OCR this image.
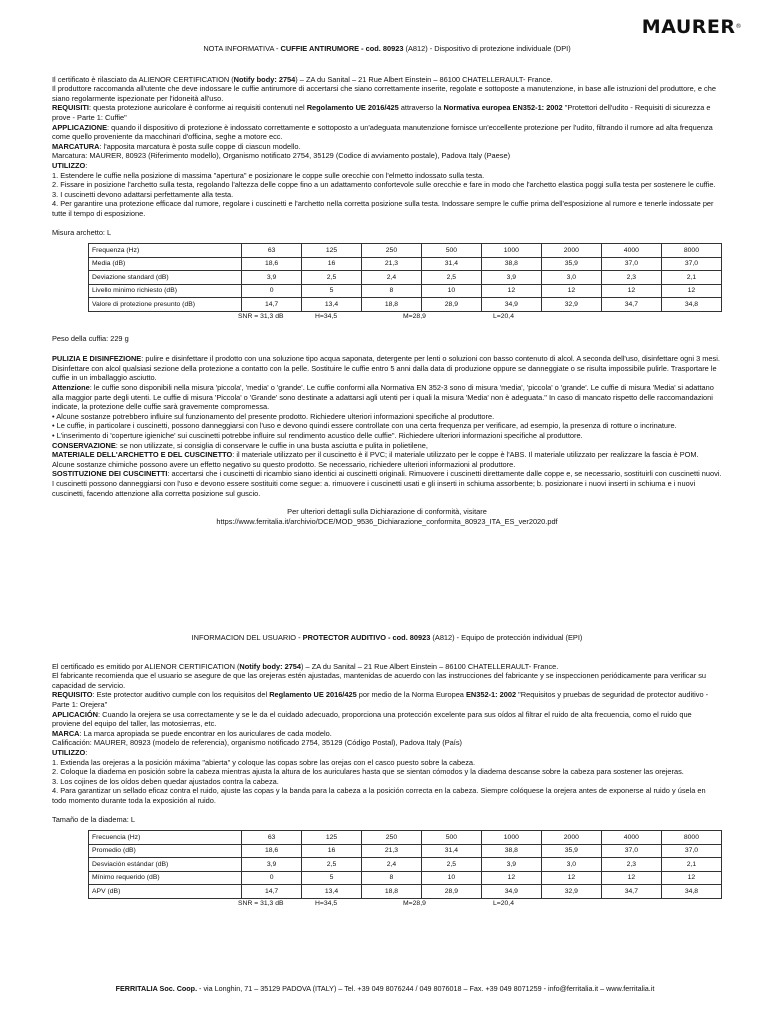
MAURER®

NOTA INFORMATIVA - CUFFIE ANTIRUMORE - cod. 80923 (A812) - Dispositivo di protezione individuale (DPI)

Il certificato è rilasciato da ALIENOR CERTIFICATION (Notify body: 2754) – ZA du Sanital – 21 Rue Albert Einstein – 86100 CHATELLERAULT- France.

Il produttore raccomanda all'utente che deve indossare le cuffie antirumore di accertarsi che siano correttamente inserite, regolate e sottoposte a manutenzione, in base alle istruzioni del produttore, e che siano regolarmente ispezionate per l'idoneità all'uso.

REQUISITI: questa protezione auricolare è conforme ai requisiti contenuti nel Regolamento UE 2016/425 attraverso la Normativa europea EN352-1: 2002 "Protettori dell'udito - Requisiti di sicurezza e prove - Parte 1: Cuffie"

APPLICAZIONE: quando il dispositivo di protezione è indossato correttamente e sottoposto a un'adeguata manutenzione fornisce un'eccellente protezione per l'udito, filtrando il rumore ad alta frequenza come quello proveniente da macchinari d'officina, seghe a motore ecc.

MARCATURA: l'apposita marcatura è posta sulle coppe di ciascun modello.

Marcatura: MAURER, 80923 (Riferimento modello), Organismo notificato 2754, 35129 (Codice di avviamento postale), Padova Italy (Paese)

UTILIZZO:

1. Estendere le cuffie nella posizione di massima "apertura" e posizionare le coppe sulle orecchie con l'elmetto indossato sulla testa.

2. Fissare in posizione l'archetto sulla testa, regolando l'altezza delle coppe fino a un adattamento confortevole sulle orecchie e fare in modo che l'archetto elastica poggi sulla testa per sostenere le cuffie.

3. I cuscinetti devono adattarsi perfettamente alla testa.

4. Per garantire una protezione efficace dal rumore, regolare i cuscinetti e l'archetto nella corretta posizione sulla testa. Indossare sempre le cuffie prima dell'esposizione al rumore e tenerle indossate per tutte il tempo di esposizione.

Misura archetto: L

Frequenza (Hz)	63	125	250	500	1000	2000	4000	8000
Media (dB)	18,6	16	21,3	31,4	38,8	35,9	37,0	37,0
Deviazione standard (dB)	3,9	2,5	2,4	2,5	3,9	3,0	2,3	2,1
Livello minimo richiesto (dB)	0	5	8	10	12	12	12	12
Valore di protezione presunto (dB)	14,7	13,4	18,8	28,9	34,9	32,9	34,7	34,8
SNR = 31,3 dB	H=34,5	M=28,9	L=20,4

Peso della cuffia: 229 g

PULIZIA E DISINFEZIONE: pulire e disinfettare il prodotto con una soluzione tipo acqua saponata, detergente per lenti o soluzioni con basso contenuto di alcol. A seconda dell'uso, disinfettare ogni 3 mesi. Disinfettare con alcol qualsiasi sezione della protezione a contatto con la pelle. Sostituire le cuffie entro 5 anni dalla data di produzione oppure se danneggiate o se risulta impossibile pulirle. Trasportare le cuffie in un imballaggio asciutto.

Attenzione: le cuffie sono disponibili nella misura 'piccola', 'media' o 'grande'. Le cuffie conformi alla Normativa EN 352-3 sono di misura 'media', 'piccola' o 'grande'. Le cuffie di misura 'Media' si adattano alla maggior parte degli utenti. Le cuffie di misura 'Piccola' o 'Grande' sono destinate a adattarsi agli utenti per i quali la misura 'Media' non è adeguata." In caso di mancato rispetto delle raccomandazioni indicate, la protezione delle cuffie sarà gravemente compromessa.

• Alcune sostanze potrebbero influire sul funzionamento del presente prodotto. Richiedere ulteriori informazioni specifiche al produttore.

• Le cuffie, in particolare i cuscinetti, possono danneggiarsi con l'uso e devono quindi essere controllate con una certa frequenza per verificare, ad esempio, la presenza di rotture o incrinature.

• L'inserimento di 'coperture igieniche' sui cuscinetti potrebbe influire sul rendimento acustico delle cuffie". Richiedere ulteriori informazioni specifiche al produttore.

CONSERVAZIONE: se non utilizzate, si consiglia di conservare le cuffie in una busta asciutta e pulita in polietilene,

MATERIALE DELL'ARCHETTO E DEL CUSCINETTO: il materiale utilizzato per il cuscinetto è il PVC; il materiale utilizzato per le coppe è l'ABS. Il materiale utilizzato per realizzare la fascia è POM. Alcune sostanze chimiche possono avere un effetto negativo su questo prodotto. Se necessario, richiedere ulteriori informazioni al produttore.

SOSTITUZIONE DEI CUSCINETTI: accertarsi che i cuscinetti di ricambio siano identici ai cuscinetti originali. Rimuovere i cuscinetti direttamente dalle coppe e, se necessario, sostituirli con cuscinetti nuovi. I cuscinetti possono danneggiarsi con l'uso e devono essere sostituiti come segue: a. rimuovere i cuscinetti usati e gli inserti in schiuma assorbente; b. posizionare i nuovi inserti in schiuma e i nuovi cuscinetti, facendo attenzione alla corretta posizione sul guscio.

Per ulteriori dettagli sulla Dichiarazione di conformità, visitare

https://www.ferritalia.it/archivio/DCE/MOD_9536_Dichiarazione_conformita_80923_ITA_ES_ver2020.pdf

INFORMACION DEL USUARIO - PROTECTOR AUDITIVO - cod. 80923 (A812) - Equipo de protección individual (EPI)

El certificado es emitido por ALIENOR CERTIFICATION (Notify body: 2754) – ZA du Sanital – 21 Rue Albert Einstein – 86100 CHATELLERAULT- France.

El fabricante recomienda que el usuario se asegure de que las orejeras estén ajustadas, mantenidas de acuerdo con las instrucciones del fabricante y se inspeccionen periódicamente para verificar su capacidad de servicio.

REQUISITO: Este protector auditivo cumple con los requisitos del Reglamento UE 2016/425 por medio de la Norma Europea EN352-1: 2002 "Requisitos y pruebas de seguridad de protector auditivo - Parte 1: Orejera"

APLICACIÓN: Cuando la orejera se usa correctamente y se le da el cuidado adecuado, proporciona una protección excelente para sus oídos al filtrar el ruido de alta frecuencia, como el ruido que proviene del equipo del taller, las motosierras, etc.

MARCA: La marca apropiada se puede encontrar en los auriculares de cada modelo.

Calificación: MAURER, 80923 (modelo de referencia), organismo notificado 2754, 35129 (Código Postal), Padova Italy (País)

UTILIZZO:

1. Extienda las orejeras a la posición máxima "abierta" y coloque las copas sobre las orejas con el casco puesto sobre la cabeza.

2. Coloque la diadema en posición sobre la cabeza mientras ajusta la altura de los auriculares hasta que se sientan cómodos y la diadema descanse sobre la cabeza para sostener las orejeras.

3. Los cojines de los oídos deben quedar ajustados contra la cabeza.

4. Para garantizar un sellado eficaz contra el ruido, ajuste las copas y la banda para la cabeza a la posición correcta en la cabeza. Siempre colóquese la orejera antes de exponerse al ruido y úsela en todo momento durante toda la exposición al ruido.

Tamaño de la diadema: L

Frecuencia (Hz)	63	125	250	500	1000	2000	4000	8000
Promedio (dB)	18,6	16	21,3	31,4	38,8	35,9	37,0	37,0
Desviación estándar (dB)	3,9	2,5	2,4	2,5	3,9	3,0	2,3	2,1
Mínimo requerido (dB)	0	5	8	10	12	12	12	12
APV (dB)	14,7	13,4	18,8	28,9	34,9	32,9	34,7	34,8
SNR = 31,3 dB	H=34,5	M=28,9	L=20,4
FERRITALIA Soc. Coop. - via Longhin, 71 – 35129 PADOVA (ITALY) – Tel. +39 049 8076244 / 049 8076018 – Fax. +39 049 8071259 - info@ferritalia.it – www.ferritalia.it
